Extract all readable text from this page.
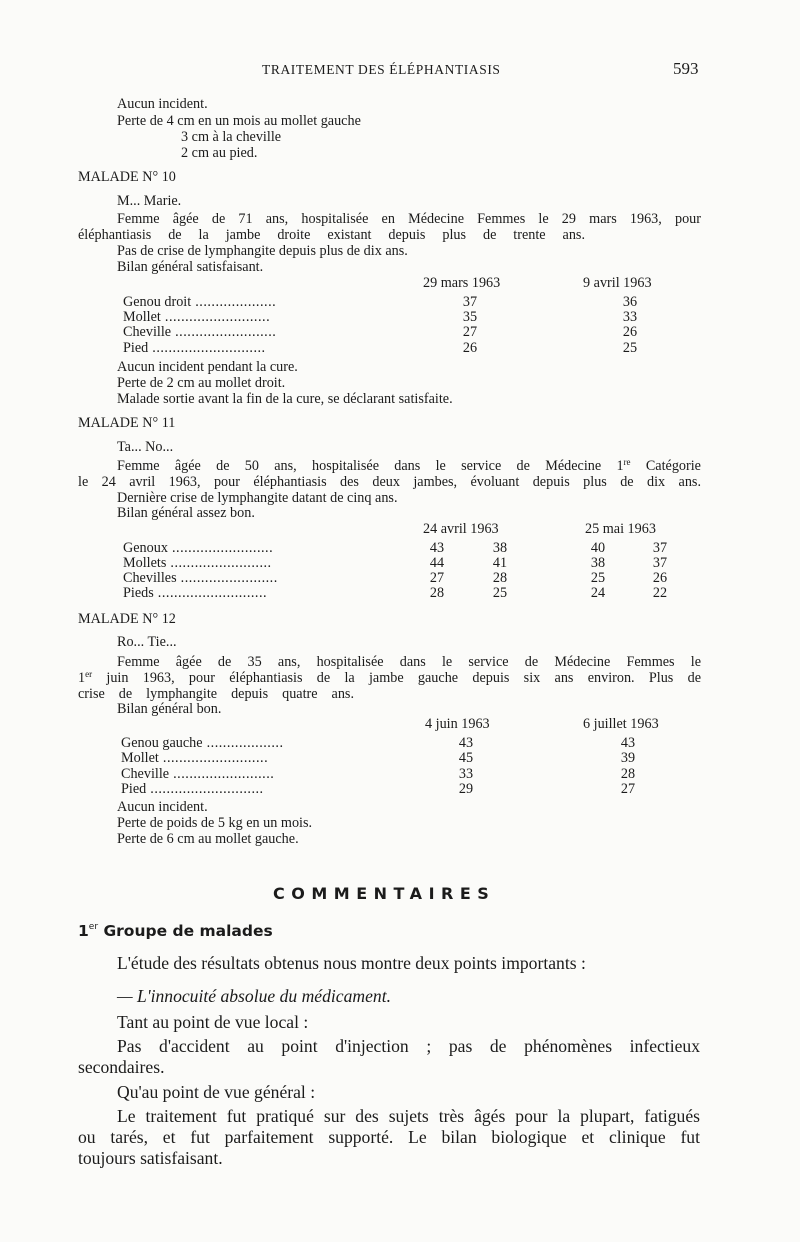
TRAITEMENT DES ÉLÉPHANTIASIS	593
Aucun incident.
Perte de 4 cm en un mois au mollet gauche
3 cm à la cheville
2 cm au pied.
MALADE N° 10
M... Marie.
Femme âgée de 71 ans, hospitalisée en Médecine Femmes le 29 mars 1963, pour
éléphantiasis de la jambe droite existant depuis plus de trente ans.
Pas de crise de lymphangite depuis plus de dix ans.
Bilan général satisfaisant.
29 mars 1963	9 avril 1963
Genou droit ....................	37	36
Mollet ..........................	35	33
Cheville .........................	27	26
Pied ............................	26	25
Aucun incident pendant la cure.
Perte de 2 cm au mollet droit.
Malade sortie avant la fin de la cure, se déclarant satisfaite.
MALADE N° 11
Ta... No...
Femme âgée de 50 ans, hospitalisée dans le service de Médecine 1re Catégorie
le 24 avril 1963, pour éléphantiasis des deux jambes, évoluant depuis plus de dix ans.
Dernière crise de lymphangite datant de cinq ans.
Bilan général assez bon.
24 avril 1963	25 mai 1963
Genoux .........................	43	38	40	37
Mollets .........................	44	41	38	37
Chevilles ........................	27	28	25	26
Pieds ...........................	28	25	24	22
MALADE N° 12
Ro... Tie...
Femme âgée de 35 ans, hospitalisée dans le service de Médecine Femmes le
1er juin 1963, pour éléphantiasis de la jambe gauche depuis six ans environ. Plus de
crise de lymphangite depuis quatre ans.
Bilan général bon.
4 juin 1963	6 juillet 1963
Genou gauche ...................	43	43
Mollet ..........................	45	39
Cheville .........................	33	28
Pied ............................	29	27
Aucun incident.
Perte de poids de 5 kg en un mois.
Perte de 6 cm au mollet gauche.
COMMENTAIRES
1er Groupe de malades
L'étude des résultats obtenus nous montre deux points importants :
— L'innocuité absolue du médicament.
Tant au point de vue local :
Pas d'accident au point d'injection ; pas de phénomènes infectieux
secondaires.
Qu'au point de vue général :
Le traitement fut pratiqué sur des sujets très âgés pour la plupart, fatigués
ou tarés, et fut parfaitement supporté. Le bilan biologique et clinique fut
toujours satisfaisant.
